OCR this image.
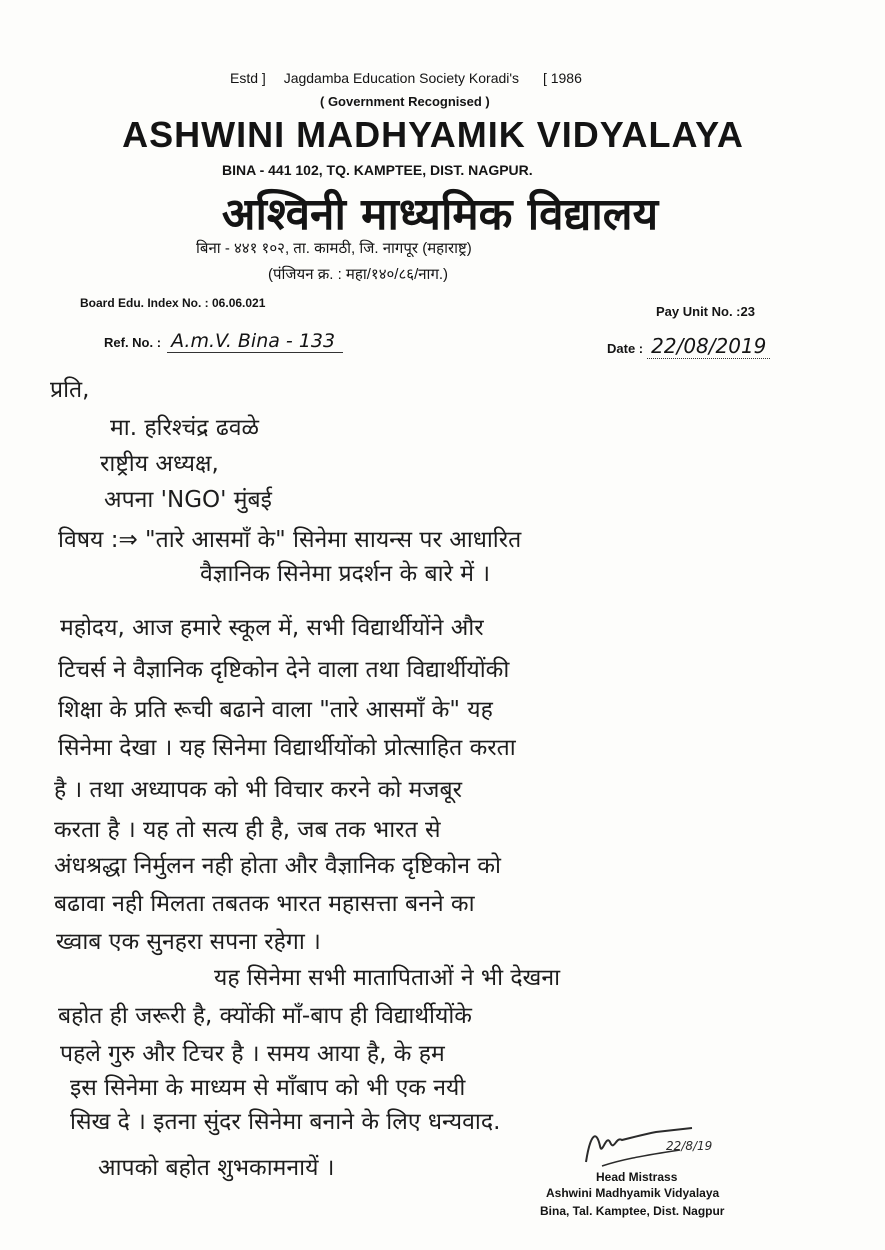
Estd ] Jagdamba Education Society Koradi's [ 1986
( Government Recognised )
ASHWINI MADHYAMIK VIDYALAYA
BINA - 441 102, TQ. KAMPTEE, DIST. NAGPUR.
अश्विनी माध्यमिक विद्यालय
बिना - ४४१ १०२, ता. कामठी, जि. नागपूर (महाराष्ट्र)
(पंजियन क्र. : महा/१४०/८६/नाग.)
Board Edu. Index No. : 06.06.021
Pay Unit No. :23
Ref. No. : A.m.V. Bina - 133	Date : 22/08/2019
प्रति,
मा. हरिश्चंद्र ढवळे
राष्ट्रीय अध्यक्ष,
अपना 'NGO' मुंबई
विषय :⇒ "तारे आसमाँ के" सिनेमा सायन्स पर आधारित
वैज्ञानिक सिनेमा प्रदर्शन के बारे में ।
महोदय, आज हमारे स्कूल में, सभी विद्यार्थीयोंने और
टिचर्स ने वैज्ञानिक दृष्टिकोन देने वाला तथा विद्यार्थीयोंकी
शिक्षा के प्रति रूची बढाने वाला "तारे आसमाँ के" यह
सिनेमा देखा । यह सिनेमा विद्यार्थीयोंको प्रोत्साहित करता
है । तथा अध्यापक को भी विचार करने को मजबूर
करता है । यह तो सत्य ही है, जब तक भारत से
अंधश्रद्धा निर्मुलन नही होता और वैज्ञानिक दृष्टिकोन को
बढावा नही मिलता तबतक भारत महासत्ता बनने का
ख्वाब एक सुनहरा सपना रहेगा ।
यह सिनेमा सभी मातापिताओं ने भी देखना
बहोत ही जरूरी है, क्योंकी माँ-बाप ही विद्यार्थीयोंके
पहले गुरु और टिचर है । समय आया है, के हम
इस सिनेमा के माध्यम से माँबाप को भी एक नयी
सिख दे । इतना सुंदर सिनेमा बनाने के लिए धन्यवाद.
आपको बहोत शुभकामनायें ।
22/8/19
Head Mistrass
Ashwini Madhyamik Vidyalaya
Bina, Tal. Kamptee, Dist. Nagpur
